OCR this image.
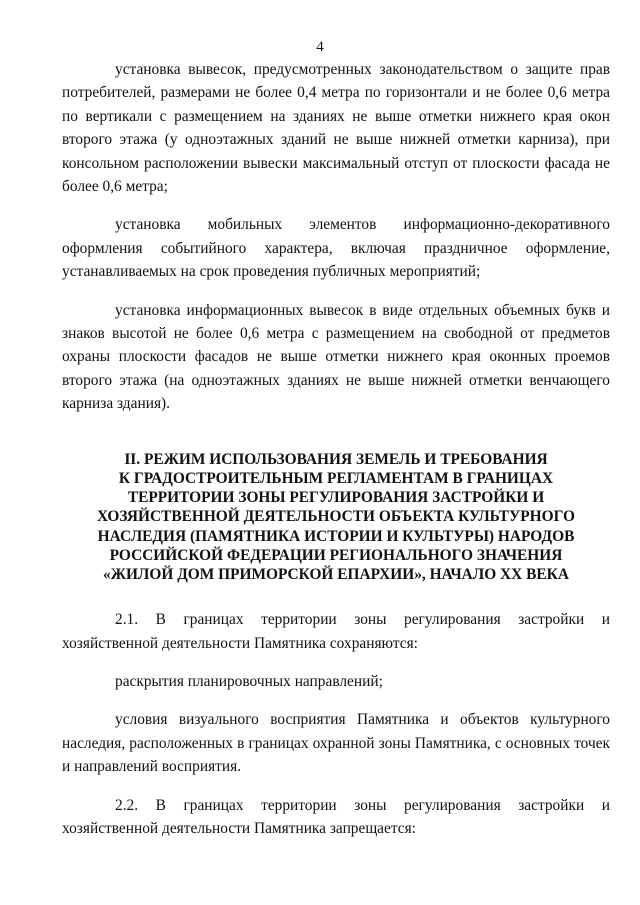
4

установка вывесок, предусмотренных законодательством о защите прав потребителей, размерами не более 0,4 метра по горизонтали и не более 0,6 метра по вертикали с размещением на зданиях не выше отметки нижнего края окон второго этажа (у одноэтажных зданий не выше нижней отметки карниза), при консольном расположении вывески максимальный отступ от плоскости фасада не более 0,6 метра;

установка мобильных элементов информационно-декоративного оформления событийного характера, включая праздничное оформление, устанавливаемых на срок проведения публичных мероприятий;

установка информационных вывесок в виде отдельных объемных букв и знаков высотой не более 0,6 метра с размещением на свободной от предметов охраны плоскости фасадов не выше отметки нижнего края оконных проемов второго этажа (на одноэтажных зданиях не выше нижней отметки венчающего карниза здания).

II. РЕЖИМ ИСПОЛЬЗОВАНИЯ ЗЕМЕЛЬ И ТРЕБОВАНИЯ
К ГРАДОСТРОИТЕЛЬНЫМ РЕГЛАМЕНТАМ В ГРАНИЦАХ
ТЕРРИТОРИИ ЗОНЫ РЕГУЛИРОВАНИЯ ЗАСТРОЙКИ И
ХОЗЯЙСТВЕННОЙ ДЕЯТЕЛЬНОСТИ ОБЪЕКТА КУЛЬТУРНОГО
НАСЛЕДИЯ (ПАМЯТНИКА ИСТОРИИ И КУЛЬТУРЫ) НАРОДОВ
РОССИЙСКОЙ ФЕДЕРАЦИИ РЕГИОНАЛЬНОГО ЗНАЧЕНИЯ
«ЖИЛОЙ ДОМ ПРИМОРСКОЙ ЕПАРХИИ», НАЧАЛО XX ВЕКА

2.1. В границах территории зоны регулирования застройки и хозяйственной деятельности Памятника сохраняются:

раскрытия планировочных направлений;

условия визуального восприятия Памятника и объектов культурного наследия, расположенных в границах охранной зоны Памятника, с основных точек и направлений восприятия.

2.2. В границах территории зоны регулирования застройки и хозяйственной деятельности Памятника запрещается:
